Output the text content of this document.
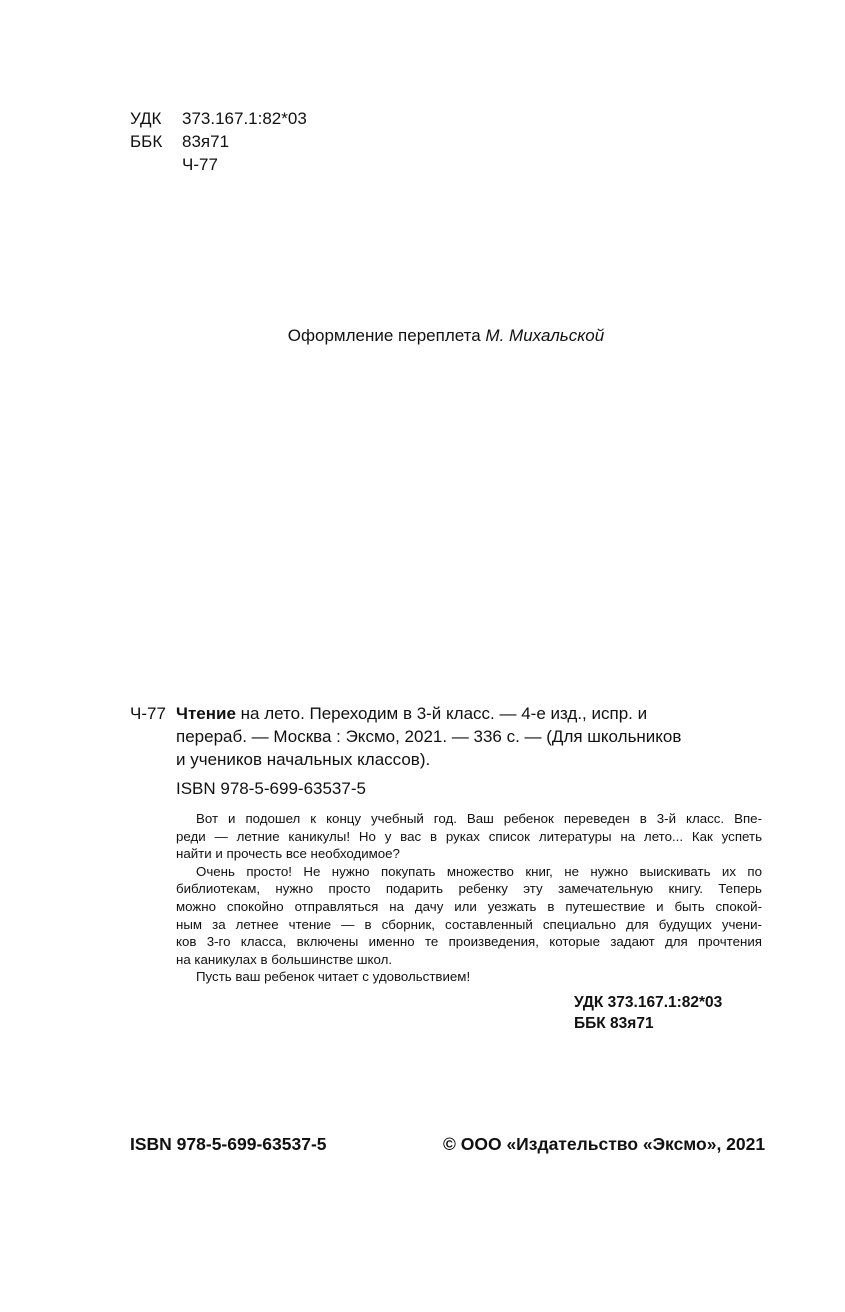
УДК 373.167.1:82*03
ББК 83я71
Ч-77
Оформление переплета М. Михальской
Ч-77 Чтение на лето. Переходим в 3-й класс. — 4-е изд., испр. и
перераб. — Москва : Эксмо, 2021. — 336 с. — (Для школьников
и учеников начальных классов).
ISBN 978-5-699-63537-5

Вот и подошел к концу учебный год. Ваш ребенок переведен в 3-й класс. Впе-
реди — летние каникулы! Но у вас в руках список литературы на лето... Как успеть
найти и прочесть все необходимое?

Очень просто! Не нужно покупать множество книг, не нужно выискивать их по
библиотекам, нужно просто подарить ребенку эту замечательную книгу. Теперь
можно спокойно отправляться на дачу или уезжать в путешествие и быть спокой-
ным за летнее чтение — в сборник, составленный специально для будущих учени-
ков 3-го класса, включены именно те произведения, которые задают для прочтения
на каникулах в большинстве школ.

Пусть ваш ребенок читает с удовольствием!

УДК 373.167.1:82*03
ББК 83я71
ISBN 978-5-699-63537-5	© ООО «Издательство «Эксмо», 2021
